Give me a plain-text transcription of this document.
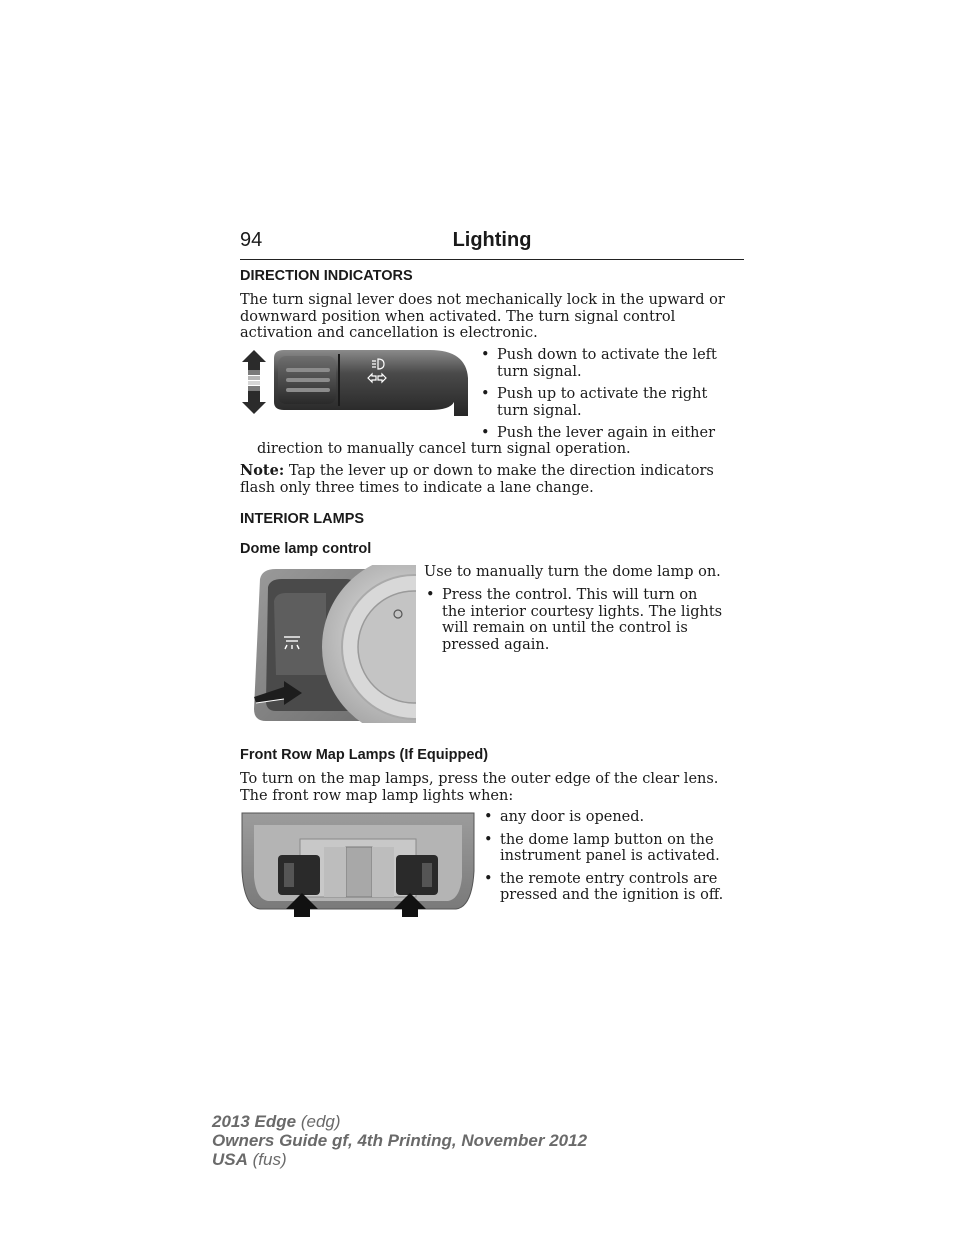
94	Lighting
DIRECTION INDICATORS
The turn signal lever does not mechanically lock in the upward or downward position when activated. The turn signal control activation and cancellation is electronic.
• Push down to activate the left turn signal.
• Push up to activate the right turn signal.
• Push the lever again in either
direction to manually cancel turn signal operation.
Note: Tap the lever up or down to make the direction indicators flash only three times to indicate a lane change.
INTERIOR LAMPS
Dome lamp control
Use to manually turn the dome lamp on.
• Press the control. This will turn on the interior courtesy lights. The lights will remain on until the control is pressed again.
Front Row Map Lamps (If Equipped)
To turn on the map lamps, press the outer edge of the clear lens. The front row map lamp lights when:
• any door is opened.
• the dome lamp button on the instrument panel is activated.
• the remote entry controls are pressed and the ignition is off.
2013 Edge (edg)
Owners Guide gf, 4th Printing, November 2012
USA (fus)
